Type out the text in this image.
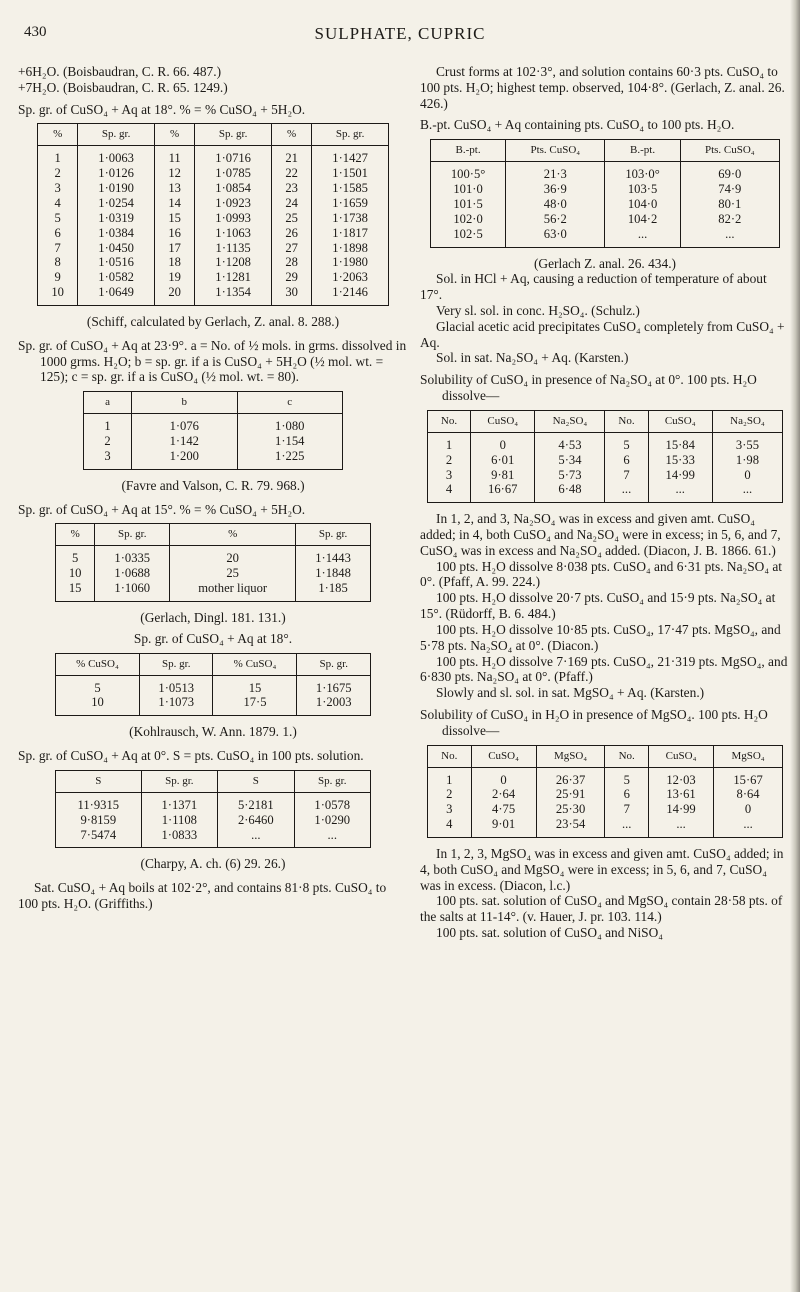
430	SULPHATE, CUPRIC

+6H₂O. (Boisbaudran, C. R. 66. 487.)

+7H₂O. (Boisbaudran, C. R. 65. 1249.)

Sp. gr. of CuSO₄ + Aq at 18°. % = % CuSO₄ + 5H₂O.

%	Sp. gr.	%	Sp. gr.	%	Sp. gr.
1	1·0063	11	1·0716	21	1·1427
2	1·0126	12	1·0785	22	1·1501
3	1·0190	13	1·0854	23	1·1585
4	1·0254	14	1·0923	24	1·1659
5	1·0319	15	1·0993	25	1·1738
6	1·0384	16	1·1063	26	1·1817
7	1·0450	17	1·1135	27	1·1898
8	1·0516	18	1·1208	28	1·1980
9	1·0582	19	1·1281	29	1·2063
10	1·0649	20	1·1354	30	1·2146

(Schiff, calculated by Gerlach, Z. anal. 8. 288.)

Sp. gr. of CuSO₄ + Aq at 23·9°. a = No. of ½ mols. in grms. dissolved in 1000 grms. H₂O; b = sp. gr. if a is CuSO₄ + 5H₂O (½ mol. wt. = 125); c = sp. gr. if a is CuSO₄ (½ mol. wt. = 80).

a	b	c
1	1·076	1·080
2	1·142	1·154
3	1·200	1·225

(Favre and Valson, C. R. 79. 968.)

Sp. gr. of CuSO₄ + Aq at 15°. % = % CuSO₄ + 5H₂O.

%	Sp. gr.	%	Sp. gr.
5	1·0335	20	1·1443
10	1·0688	25	1·1848
15	1·1060	mother liquor	1·185

(Gerlach, Dingl. 181. 131.)

Sp. gr. of CuSO₄ + Aq at 18°.

% CuSO₄	Sp. gr.	% CuSO₄	Sp. gr.
5	1·0513	15	1·1675
10	1·1073	17·5	1·2003

(Kohlrausch, W. Ann. 1879. 1.)

Sp. gr. of CuSO₄ + Aq at 0°. S = pts. CuSO₄ in 100 pts. solution.

S	Sp. gr.	S	Sp. gr.
11·9315	1·1371	5·2181	1·0578
9·8159	1·1108	2·6460	1·0290
7·5474	1·0833	...	...

(Charpy, A. ch. (6) 29. 26.)

Sat. CuSO₄ + Aq boils at 102·2°, and contains 81·8 pts. CuSO₄ to 100 pts. H₂O. (Griffiths.)

Crust forms at 102·3°, and solution contains 60·3 pts. CuSO₄ to 100 pts. H₂O; highest temp. observed, 104·8°. (Gerlach, Z. anal. 26. 426.)

B.-pt. CuSO₄ + Aq containing pts. CuSO₄ to 100 pts. H₂O.

B.-pt.	Pts. CuSO₄	B.-pt.	Pts. CuSO₄
100·5°	21·3	103·0°	69·0
101·0	36·9	103·5	74·9
101·5	48·0	104·0	80·1
102·0	56·2	104·2	82·2
102·5	63·0	...	...

(Gerlach Z. anal. 26. 434.)

Sol. in HCl + Aq, causing a reduction of temperature of about 17°.

Very sl. sol. in conc. H₂SO₄. (Schulz.)

Glacial acetic acid precipitates CuSO₄ completely from CuSO₄ + Aq.

Sol. in sat. Na₂SO₄ + Aq. (Karsten.)

Solubility of CuSO₄ in presence of Na₂SO₄ at 0°. 100 pts. H₂O dissolve—

No.	CuSO₄	Na₂SO₄	No.	CuSO₄	Na₂SO₄
1	0	4·53	5	15·84	3·55
2	6·01	5·34	6	15·33	1·98
3	9·81	5·73	7	14·99	0
4	16·67	6·48	...	...	...

In 1, 2, and 3, Na₂SO₄ was in excess and given amt. CuSO₄ added; in 4, both CuSO₄ and Na₂SO₄ were in excess; in 5, 6, and 7, CuSO₄ was in excess and Na₂SO₄ added. (Diacon, J. B. 1866. 61.)

100 pts. H₂O dissolve 8·038 pts. CuSO₄ and 6·31 pts. Na₂SO₄ at 0°. (Pfaff, A. 99. 224.)

100 pts. H₂O dissolve 20·7 pts. CuSO₄ and 15·9 pts. Na₂SO₄ at 15°. (Rüdorff, B. 6. 484.)

100 pts. H₂O dissolve 10·85 pts. CuSO₄, 17·47 pts. MgSO₄, and 5·78 pts. Na₂SO₄ at 0°. (Diacon.)

100 pts. H₂O dissolve 7·169 pts. CuSO₄, 21·319 pts. MgSO₄, and 6·830 pts. Na₂SO₄ at 0°. (Pfaff.)

Slowly and sl. sol. in sat. MgSO₄ + Aq. (Karsten.)

Solubility of CuSO₄ in H₂O in presence of MgSO₄. 100 pts. H₂O dissolve—

No.	CuSO₄	MgSO₄	No.	CuSO₄	MgSO₄
1	0	26·37	5	12·03	15·67
2	2·64	25·91	6	13·61	8·64
3	4·75	25·30	7	14·99	0
4	9·01	23·54	...	...	...

In 1, 2, 3, MgSO₄ was in excess and given amt. CuSO₄ added; in 4, both CuSO₄ and MgSO₄ were in excess; in 5, 6, and 7, CuSO₄ was in excess. (Diacon, l.c.)

100 pts. sat. solution of CuSO₄ and MgSO₄ contain 28·58 pts. of the salts at 11-14°. (v. Hauer, J. pr. 103. 114.)

100 pts. sat. solution of CuSO₄ and NiSO₄
